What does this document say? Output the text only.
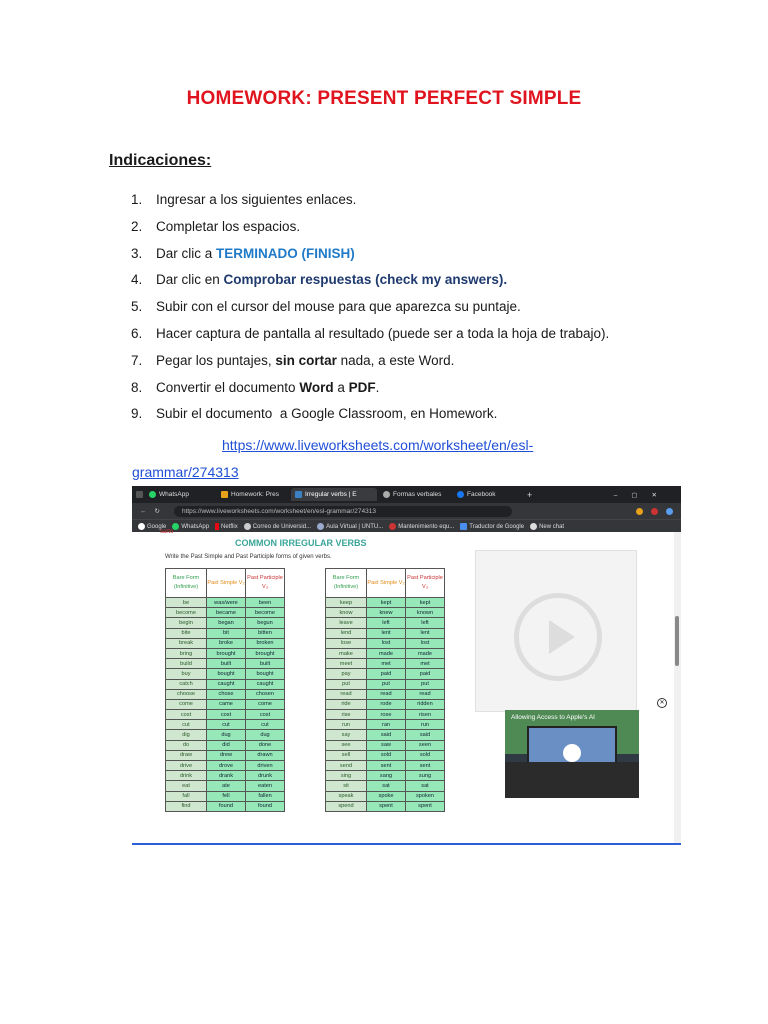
HOMEWORK: PRESENT PERFECT SIMPLE
Indicaciones:
1.	Ingresar a los siguientes enlaces.
2.	Completar los espacios.
3.	Dar clic a TERMINADO (FINISH)
4.	Dar clic en Comprobar respuestas (check my answers).
5.	Subir con el cursor del mouse para que aparezca su puntaje.
6.	Hacer captura de pantalla al resultado (puede ser a toda la hoja de trabajo).
7.	Pegar los puntajes, sin cortar nada, a este Word.
8.	Convertir el documento Word a PDF .
9.	Subir el documento  a Google Classroom, en Homework.
https://www.liveworksheets.com/worksheet/en/esl-grammar/274313
WhatsApp	Homework: Pres	Irregular verbs | E	Formas verbales	Facebook	+	–▢✕
← ↻	https://www.liveworksheets.com/worksheet/en/esl-grammar/274313
Google	WhatsApp Netflix	Correo de Universid...	Aula Virtual | UNTU...	Mantenimiento equ...	Traductor de Google	New chat
sarto
COMMON IRREGULAR VERBS
Write the Past Simple and Past Participle forms of given verbs.
Bare Form (Infinitive)	Past Simple V₂	Past Participle V₃
be	was/were	been
become	became	become
begin	began	begun
bite	bit	bitten
break	broke	broken
bring	brought	brought
build	built	built
buy	bought	bought
catch	caught	caught
choose	chose	chosen
come	came	come
cost	cost	cost
cut	cut	cut
dig	dug	dug
do	did	done
draw	drew	drawn
drive	drove	driven
drink	drank	drunk
eat	ate	eaten
fall	fell	fallen
find	found	found
Bare Form (Infinitive)	Past Simple V₂	Past Participle V₃
keep	kept	kept
know	knew	known
leave	left	left
lend	lent	lent
lose	lost	lost
make	made	made
meet	met	met
pay	paid	paid
put	put	put
read	read	read
ride	rode	ridden
rise	rose	risen
run	ran	run
say	said	said
see	saw	seen
sell	sold	sold
send	sent	sent
sing	sang	sung
sit	sat	sat
speak	spoke	spoken
spend	spent	spent
✕
Allowing Access to Apple's AI
